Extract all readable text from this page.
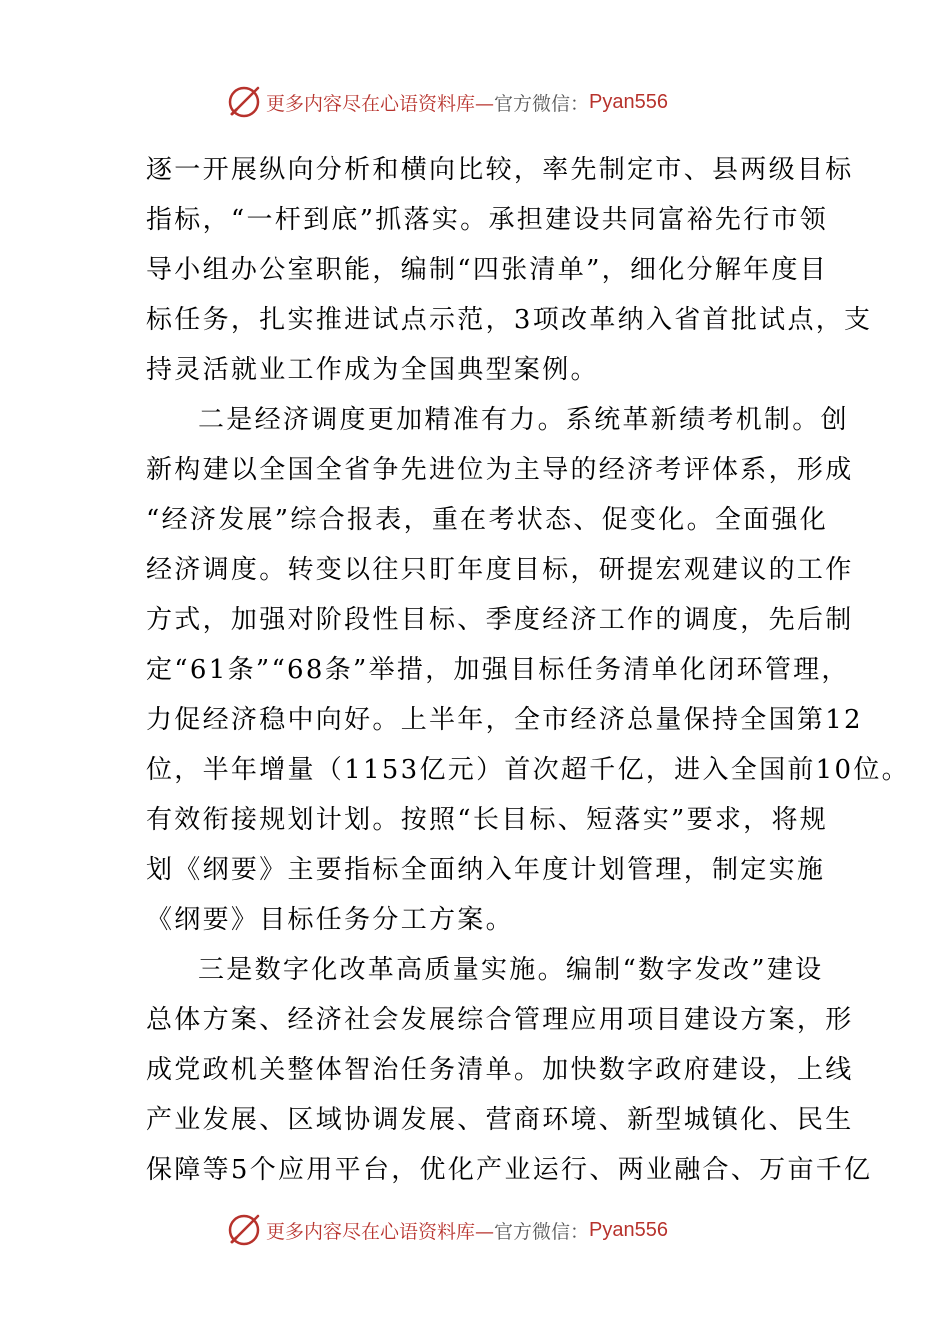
更多内容尽在心语资料库— 官方微信： Pyan556
逐一开展纵向分析和横向比较，率先制定市、县两级目标
指标，“一杆到底”抓落实。承担建设共同富裕先行市领
导小组办公室职能，编制“四张清单”，细化分解年度目
标任务，扎实推进试点示范，3项改革纳入省首批试点，支
持灵活就业工作成为全国典型案例。
二是经济调度更加精准有力。系统革新绩考机制。创
新构建以全国全省争先进位为主导的经济考评体系，形成
“经济发展”综合报表，重在考状态、促变化。全面强化
经济调度。转变以往只盯年度目标，研提宏观建议的工作
方式，加强对阶段性目标、季度经济工作的调度，先后制
定“61条”“68条”举措，加强目标任务清单化闭环管理，
力促经济稳中向好。上半年，全市经济总量保持全国第12
位，半年增量（1153亿元）首次超千亿，进入全国前10位。
有效衔接规划计划。按照“长目标、短落实”要求，将规
划《纲要》主要指标全面纳入年度计划管理，制定实施
《纲要》目标任务分工方案。
三是数字化改革高质量实施。编制“数字发改”建设
总体方案、经济社会发展综合管理应用项目建设方案，形
成党政机关整体智治任务清单。加快数字政府建设，上线
产业发展、区域协调发展、营商环境、新型城镇化、民生
保障等5个应用平台，优化产业运行、两业融合、万亩千亿
更多内容尽在心语资料库— 官方微信： Pyan556
